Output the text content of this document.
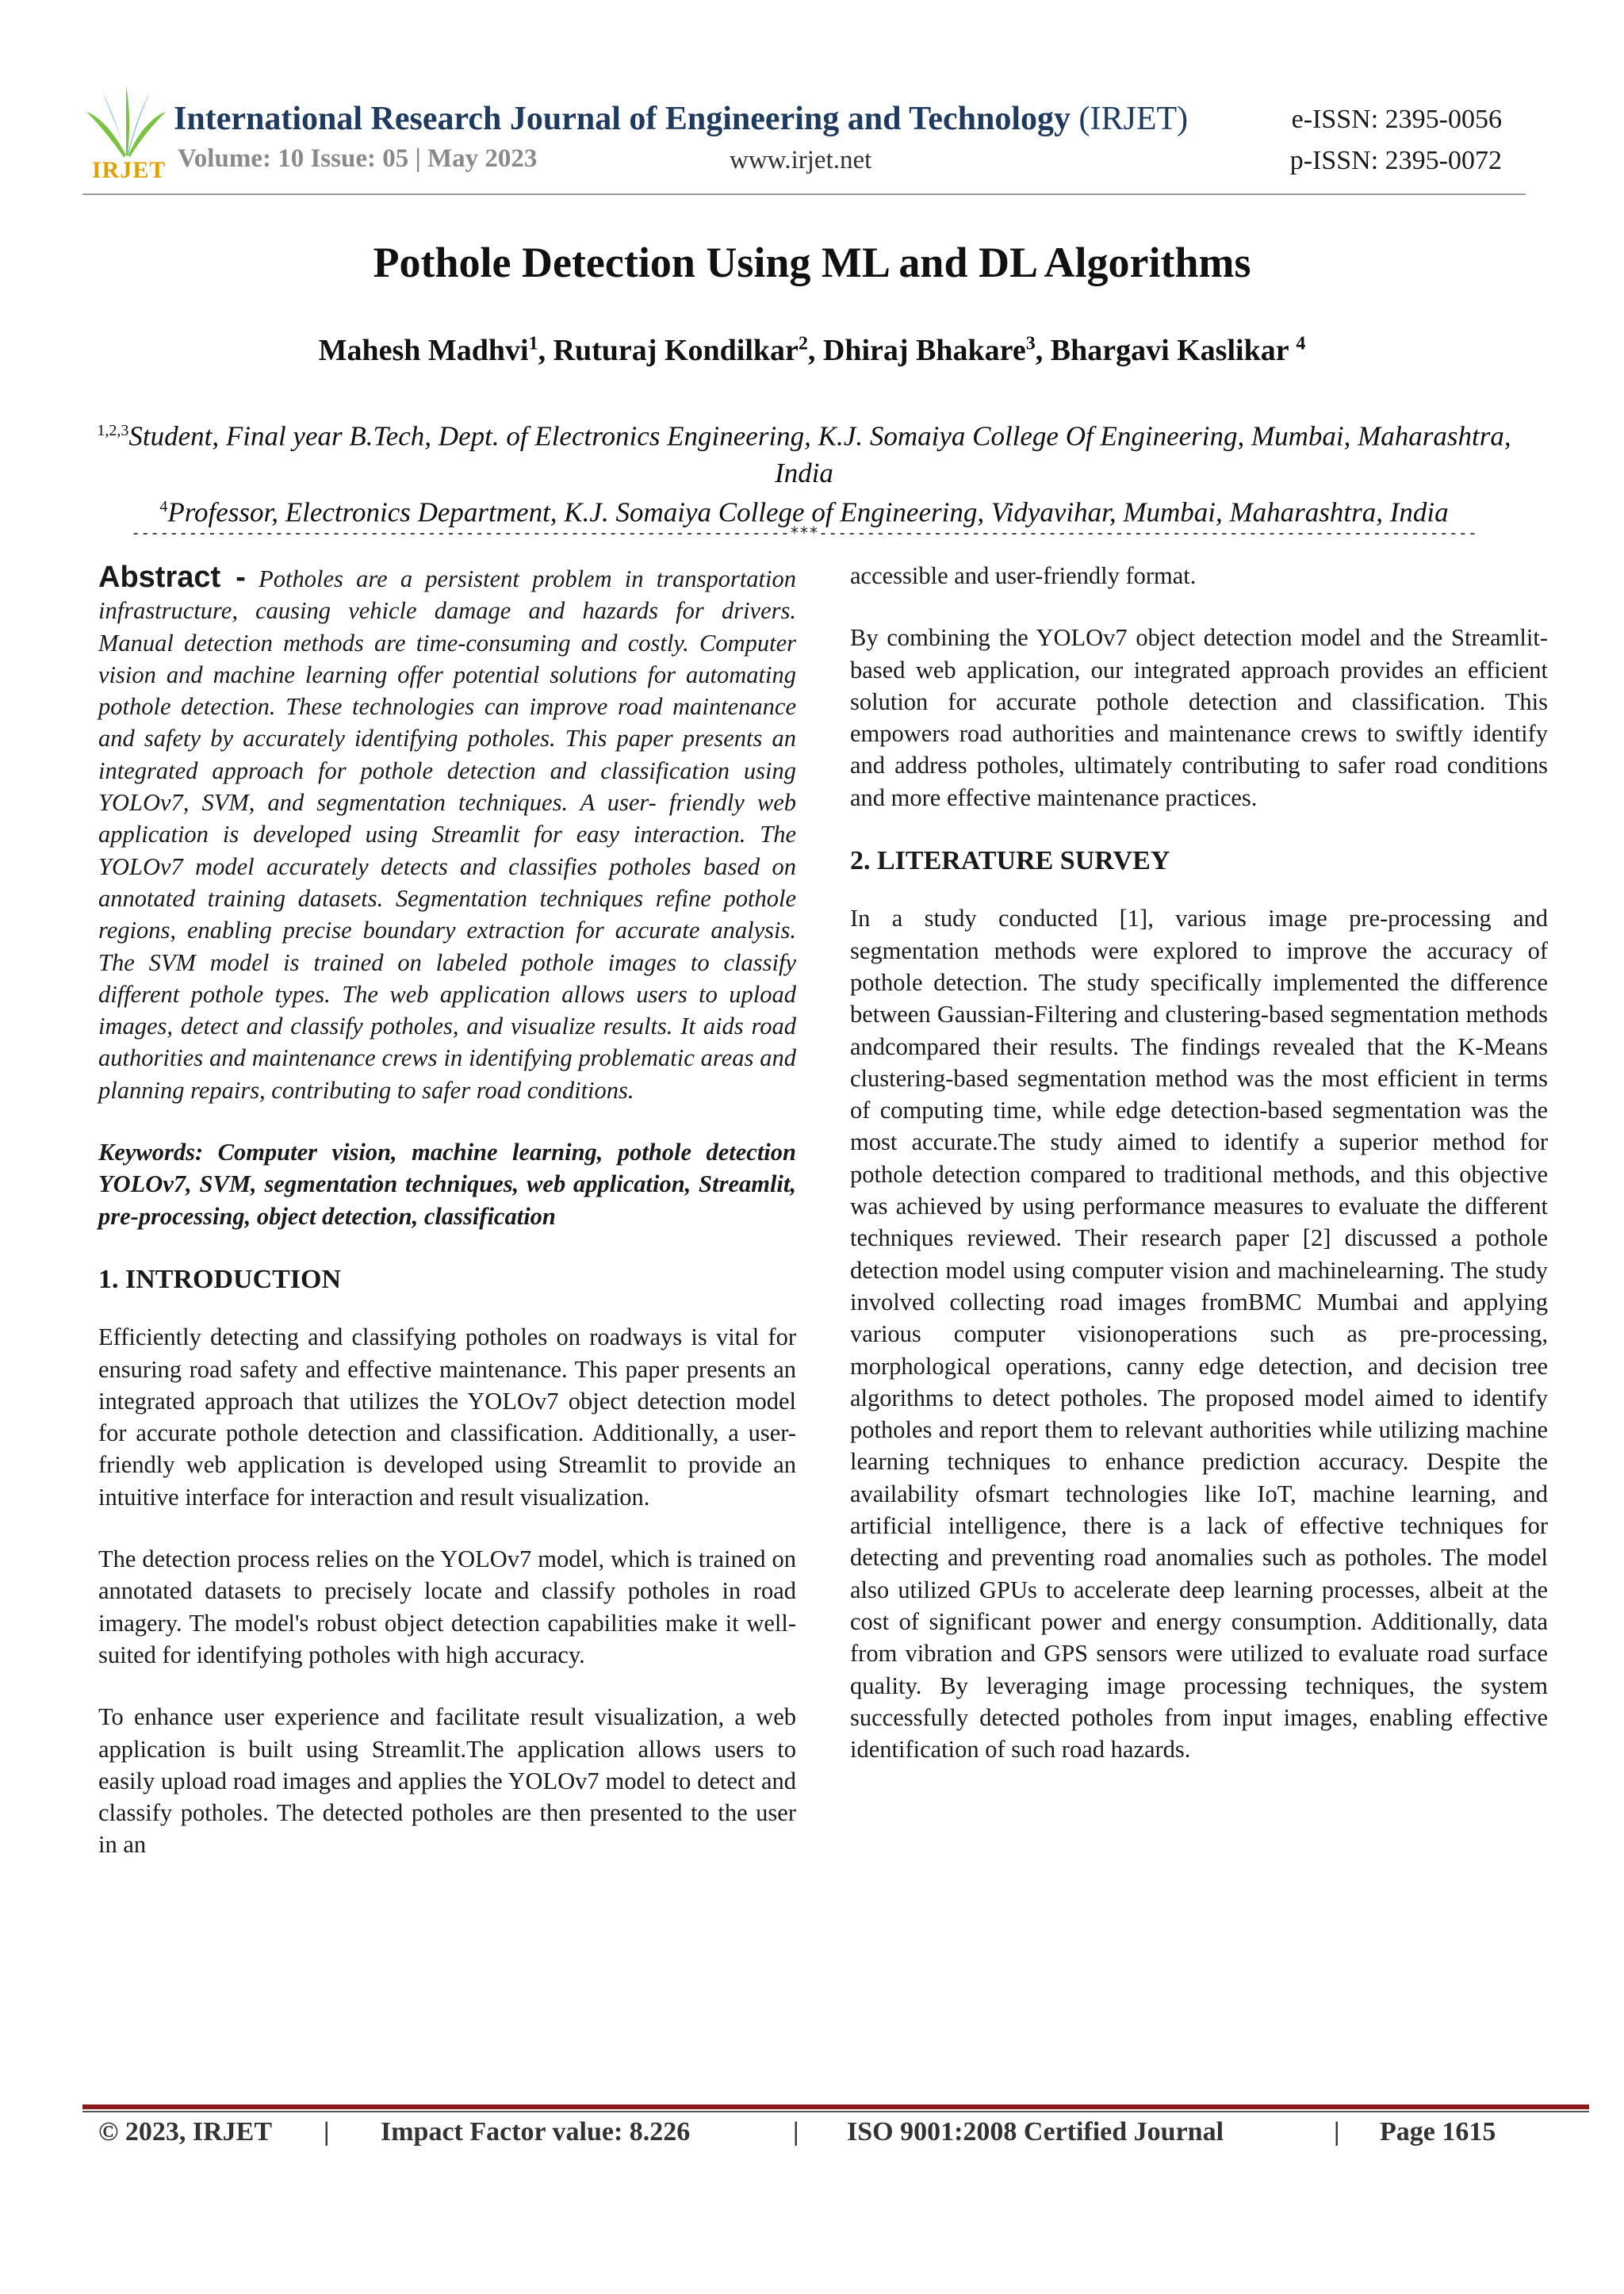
IRJET
International Research Journal of Engineering and Technology (IRJET)
Volume: 10 Issue: 05 | May 2023	www.irjet.net
e-ISSN: 2395-0056
p-ISSN: 2395-0072
Pothole Detection Using ML and DL Algorithms
Mahesh Madhvi$^1$, Ruturaj Kondilkar$^2$, Dhiraj Bhakare$^3$, Bhargavi Kaslikar $^4$
$^{1,2,3}$Student, Final year B.Tech, Dept. of Electronics Engineering, K.J. Somaiya College Of Engineering, Mumbai, Maharashtra, India
$^4$Professor, Electronics Department, K.J. Somaiya College of Engineering, Vidyavihar, Mumbai, Maharashtra, India
---------------------------------------------------------------------***---------------------------------------------------------------------

Abstract - Potholes are a persistent problem in transportation infrastructure, causing vehicle damage and hazards for drivers. Manual detection methods are time-consuming and costly. Computer vision and machine learning offer potential solutions for automating pothole detection. These technologies can improve road maintenance and safety by accurately identifying potholes. This paper presents an integrated approach for pothole detection and classification using YOLOv7, SVM, and segmentation techniques. A user- friendly web application is developed using Streamlit for easy interaction. The YOLOv7 model accurately detects and classifies potholes based on annotated training datasets. Segmentation techniques refine pothole regions, enabling precise boundary extraction for accurate analysis. The SVM model is trained on labeled pothole images to classify different pothole types. The web application allows users to upload images, detect and classify potholes, and visualize results. It aids road authorities and maintenance crews in identifying problematic areas and planning repairs, contributing to safer road conditions.

Keywords: Computer vision, machine learning, pothole detection YOLOv7, SVM, segmentation techniques, web application, Streamlit, pre-processing, object detection, classification

1. INTRODUCTION

Efficiently detecting and classifying potholes on roadways is vital for ensuring road safety and effective maintenance. This paper presents an integrated approach that utilizes the YOLOv7 object detection model for accurate pothole detection and classification. Additionally, a user-friendly web application is developed using Streamlit to provide an intuitive interface for interaction and result visualization.

The detection process relies on the YOLOv7 model, which is trained on annotated datasets to precisely locate and classify potholes in road imagery. The model's robust object detection capabilities make it well-suited for identifying potholes with high accuracy.

To enhance user experience and facilitate result visualization, a web application is built using Streamlit.The application allows users to easily upload road images and applies the YOLOv7 model to detect and classify potholes. The detected potholes are then presented to the user in an

accessible and user-friendly format.

By combining the YOLOv7 object detection model and the Streamlit-based web application, our integrated approach provides an efficient solution for accurate pothole detection and classification. This empowers road authorities and maintenance crews to swiftly identify and address potholes, ultimately contributing to safer road conditions and more effective maintenance practices.

2. LITERATURE SURVEY

In a study conducted [1], various image pre-processing and segmentation methods were explored to improve the accuracy of pothole detection. The study specifically implemented the difference between Gaussian-Filtering and clustering-based segmentation methods andcompared their results. The findings revealed that the K-Means clustering-based segmentation method was the most efficient in terms of computing time, while edge detection-based segmentation was the most accurate.The study aimed to identify a superior method for pothole detection compared to traditional methods, and this objective was achieved by using performance measures to evaluate the different techniques reviewed. Their research paper [2] discussed a pothole detection model using computer vision and machinelearning. The study involved collecting road images fromBMC Mumbai and applying various computer visionoperations such as pre-processing, morphological operations, canny edge detection, and decision tree algorithms to detect potholes. The proposed model aimed to identify potholes and report them to relevant authorities while utilizing machine learning techniques to enhance prediction accuracy. Despite the availability ofsmart technologies like IoT, machine learning, and artificial intelligence, there is a lack of effective techniques for detecting and preventing road anomalies such as potholes. The model also utilized GPUs to accelerate deep learning processes, albeit at the cost of significant power and energy consumption. Additionally, data from vibration and GPS sensors were utilized to evaluate road surface quality. By leveraging image processing techniques, the system successfully detected potholes from input images, enabling effective identification of such road hazards.

© 2023, IRJET | Impact Factor value: 8.226	| ISO 9001:2008 Certified Journal	| Page 1615
